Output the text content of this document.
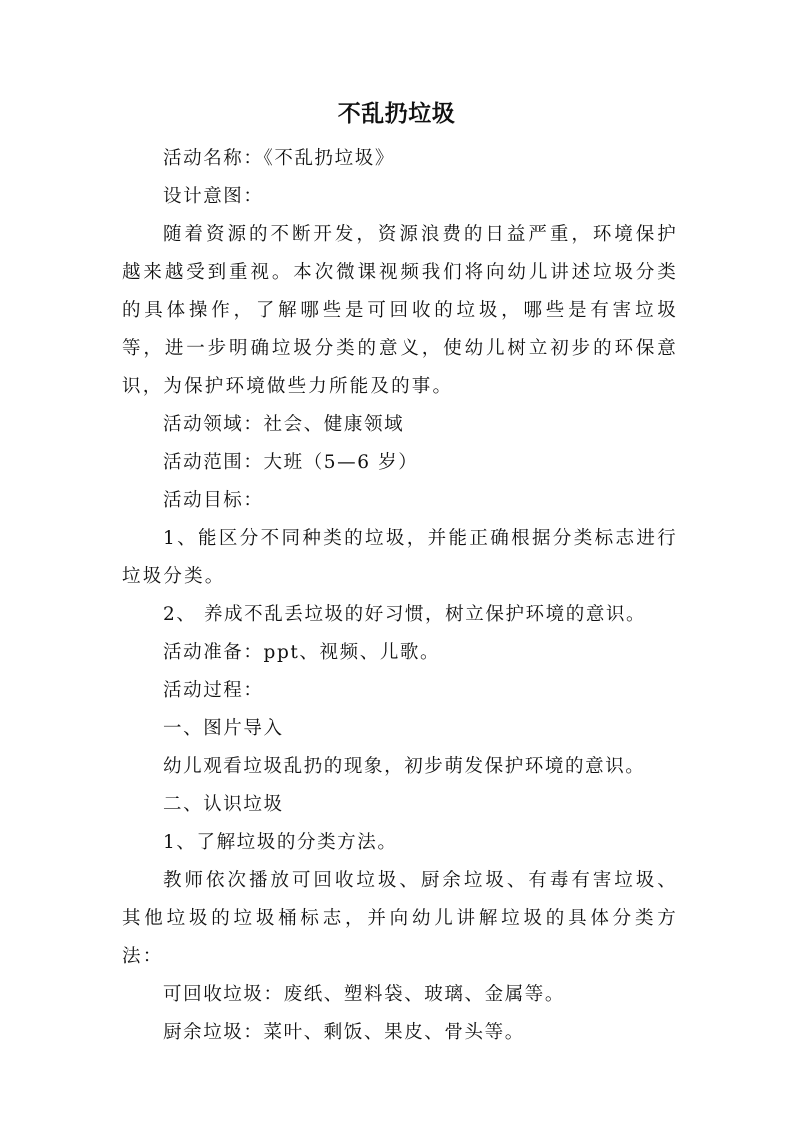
不乱扔垃圾

活动名称：《不乱扔垃圾》

设计意图：

随着资源的不断开发，资源浪费的日益严重，环境保护越来越受到重视。本次微课视频我们将向幼儿讲述垃圾分类的具体操作，了解哪些是可回收的垃圾，哪些是有害垃圾等，进一步明确垃圾分类的意义，使幼儿树立初步的环保意识，为保护环境做些力所能及的事。

活动领域：社会、健康领域

活动范围：大班（5—6 岁）

活动目标：

1、能区分不同种类的垃圾，并能正确根据分类标志进行垃圾分类。

2、 养成不乱丢垃圾的好习惯，树立保护环境的意识。

活动准备：ppt、视频、儿歌。

活动过程：

一、图片导入

幼儿观看垃圾乱扔的现象，初步萌发保护环境的意识。

二、认识垃圾

1、了解垃圾的分类方法。

教师依次播放可回收垃圾、厨余垃圾、有毒有害垃圾、其他垃圾的垃圾桶标志，并向幼儿讲解垃圾的具体分类方法：

可回收垃圾：废纸、塑料袋、玻璃、金属等。

厨余垃圾：菜叶、剩饭、果皮、骨头等。
